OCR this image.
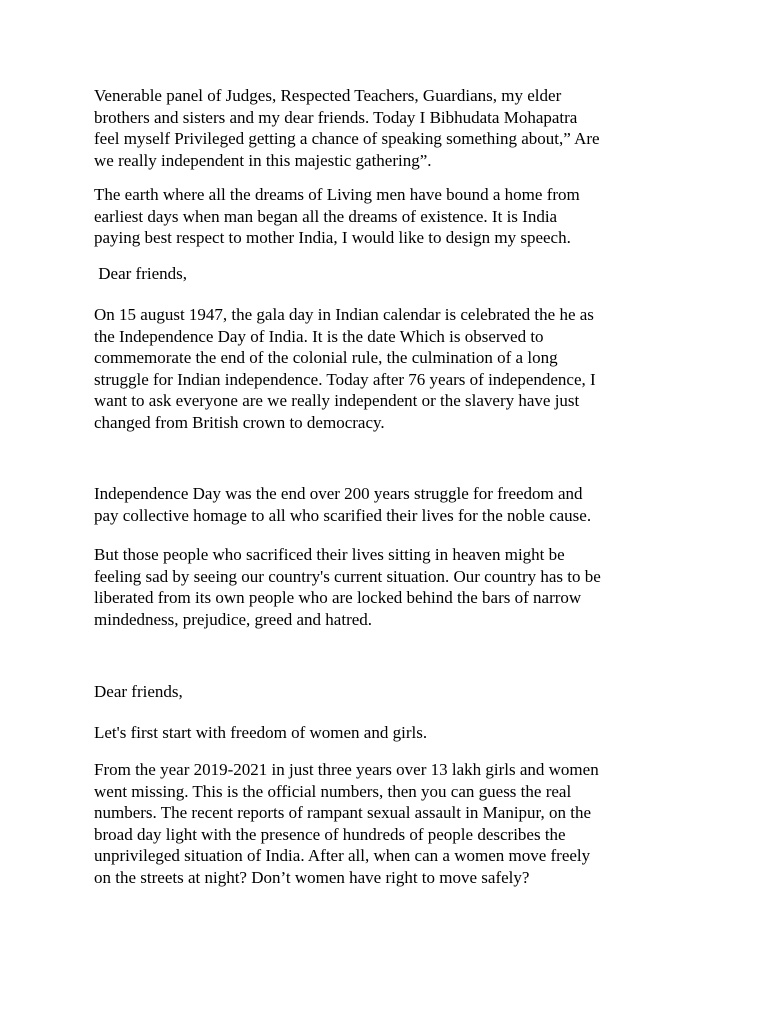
Venerable panel of Judges, Respected Teachers, Guardians, my elder
brothers and sisters and my dear friends. Today I Bibhudata Mohapatra
feel myself Privileged getting a chance of speaking something about,” Are
we really independent in this majestic gathering”.

The earth where all the dreams of Living men have bound a home from
earliest days when man began all the dreams of existence. It is India
paying best respect to mother India, I would like to design my speech.

Dear friends,

On 15 august 1947, the gala day in Indian calendar is celebrated the he as
the Independence Day of India. It is the date Which is observed to
commemorate the end of the colonial rule, the culmination of a long
struggle for Indian independence. Today after 76 years of independence, I
want to ask everyone are we really independent or the slavery have just
changed from British crown to democracy.

Independence Day was the end over 200 years struggle for freedom and
pay collective homage to all who scarified their lives for the noble cause.

But those people who sacrificed their lives sitting in heaven might be
feeling sad by seeing our country's current situation. Our country has to be
liberated from its own people who are locked behind the bars of narrow
mindedness, prejudice, greed and hatred.

Dear friends,

Let's first start with freedom of women and girls.

From the year 2019-2021 in just three years over 13 lakh girls and women
went missing. This is the official numbers, then you can guess the real
numbers. The recent reports of rampant sexual assault in Manipur, on the
broad day light with the presence of hundreds of people describes the
unprivileged situation of India. After all, when can a women move freely
on the streets at night? Don’t women have right to move safely?
